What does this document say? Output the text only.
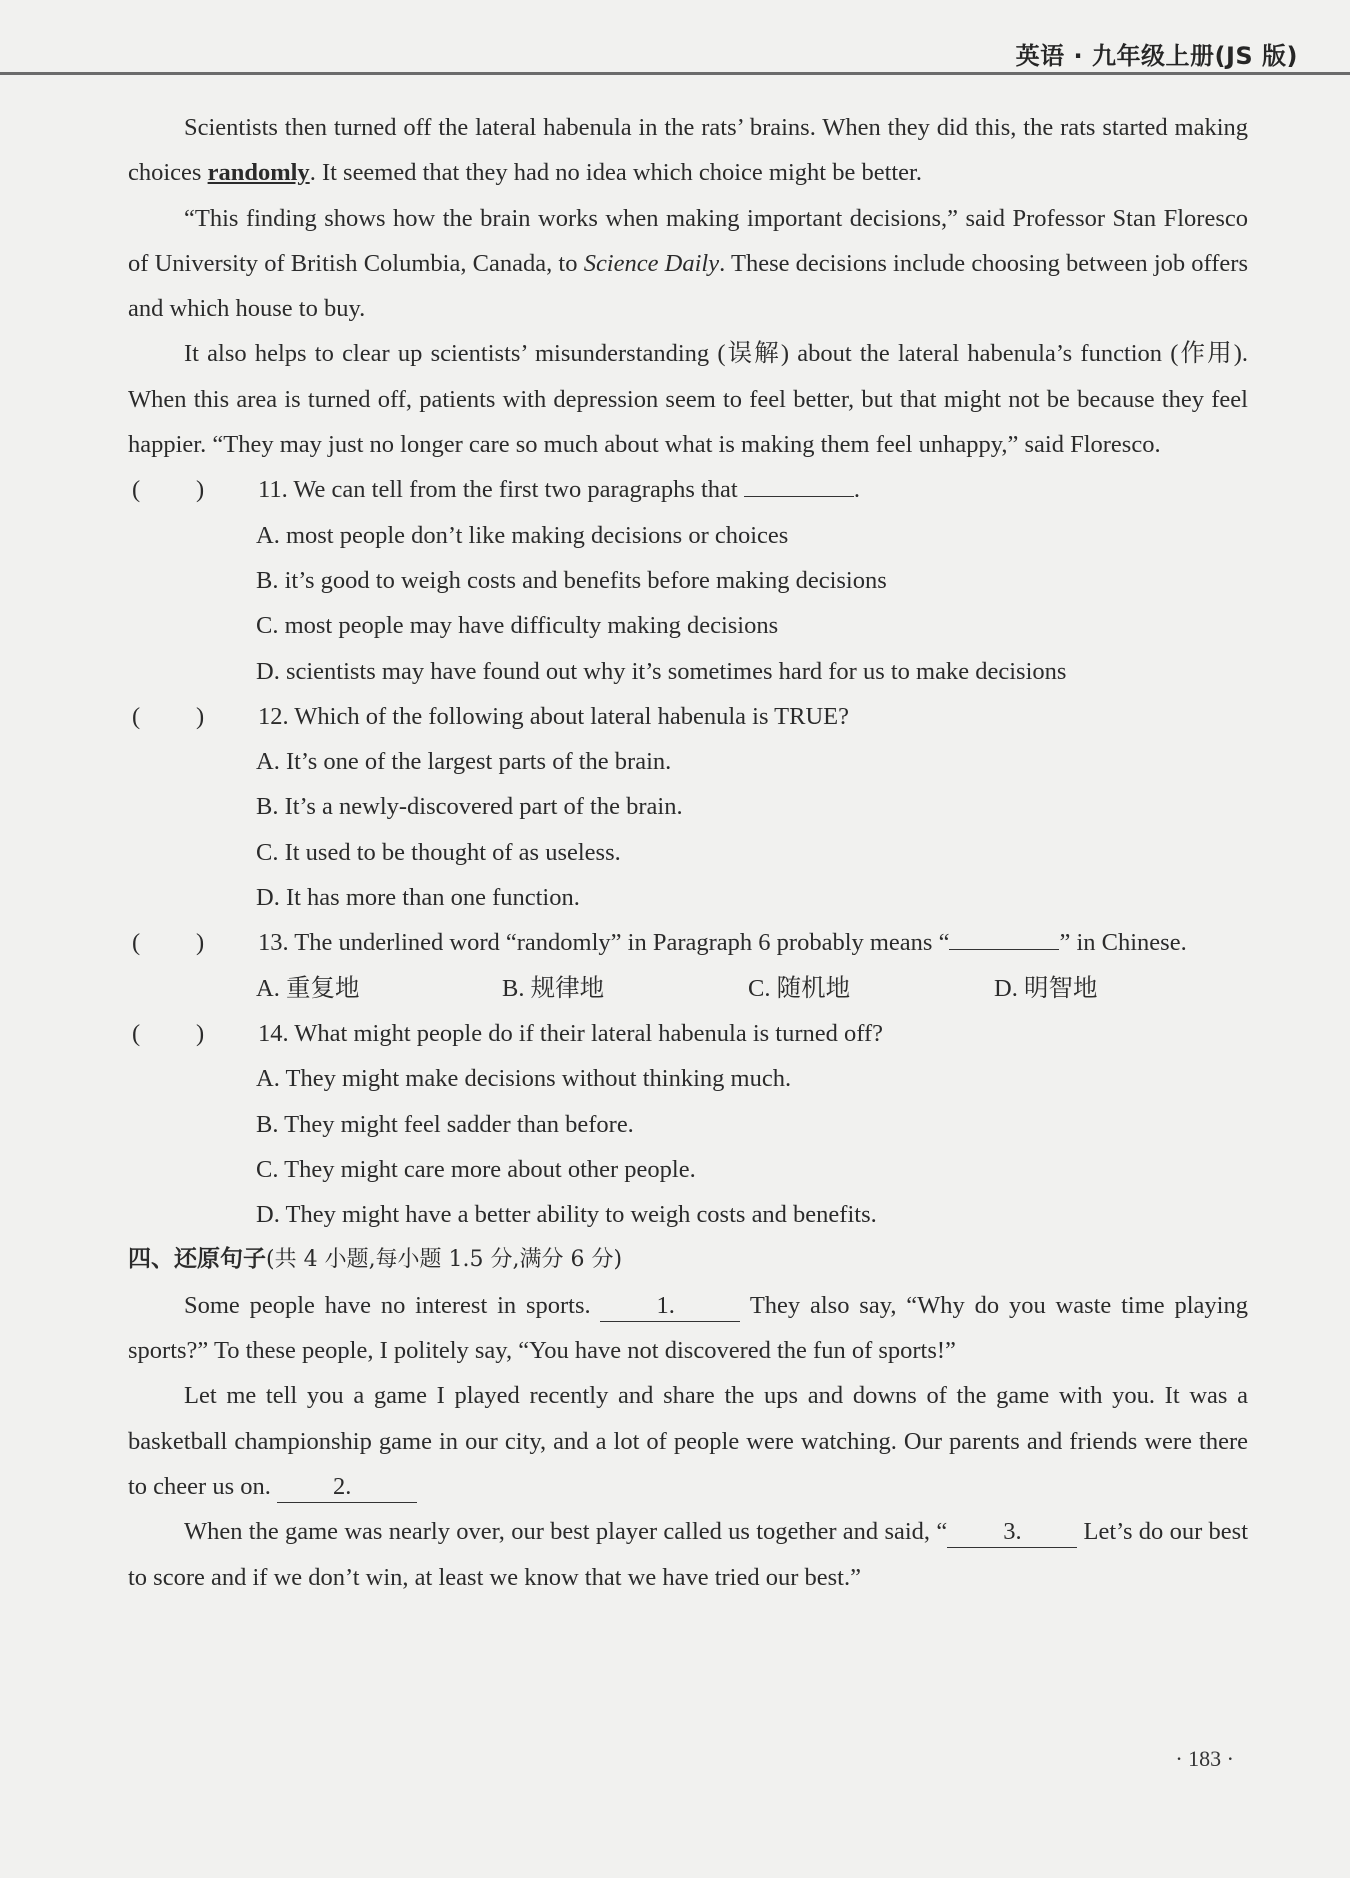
英语 · 九年级上册(JS 版)

Scientists then turned off the lateral habenula in the rats’ brains. When they did this, the rats started making choices randomly. It seemed that they had no idea which choice might be better.

“This finding shows how the brain works when making important decisions,” said Professor Stan Floresco of University of British Columbia, Canada, to Science Daily. These decisions include choosing between job offers and which house to buy.

It also helps to clear up scientists’ misunderstanding (误解) about the lateral habenula’s function (作用). When this area is turned off, patients with depression seem to feel better, but that might not be because they feel happier. “They may just no longer care so much about what is making them feel unhappy,” said Floresco.

( ) 11. We can tell from the first two paragraphs that	.

A. most people don’t like making decisions or choices

B. it’s good to weigh costs and benefits before making decisions

C. most people may have difficulty making decisions

D. scientists may have found out why it’s sometimes hard for us to make decisions

( ) 12. Which of the following about lateral habenula is TRUE?

A. It’s one of the largest parts of the brain.

B. It’s a newly-discovered part of the brain.

C. It used to be thought of as useless.

D. It has more than one function.

( ) 13. The underlined word “randomly” in Paragraph 6 probably means “	” in Chinese.
A. 重复地	B. 规律地	C. 随机地	D. 明智地
( ) 14. What might people do if their lateral habenula is turned off?

A. They might make decisions without thinking much.

B. They might feel sadder than before.

C. They might care more about other people.

D. They might have a better ability to weigh costs and benefits.

四、还原句子(共 4 小题,每小题 1.5 分,满分 6 分)

Some people have no interest in sports. 1.	They also say, “Why do you waste time playing sports?” To these people, I politely say, “You have not discovered the fun of sports!”

Let me tell you a game I played recently and share the ups and downs of the game with you. It was a basketball championship game in our city, and a lot of people were watching. Our parents and friends were there to cheer us on. 2.

When the game was nearly over, our best player called us together and said, “ 3. Let’s do our best to score and if we don’t win, at least we know that we have tried our best.”

· 183 ·
